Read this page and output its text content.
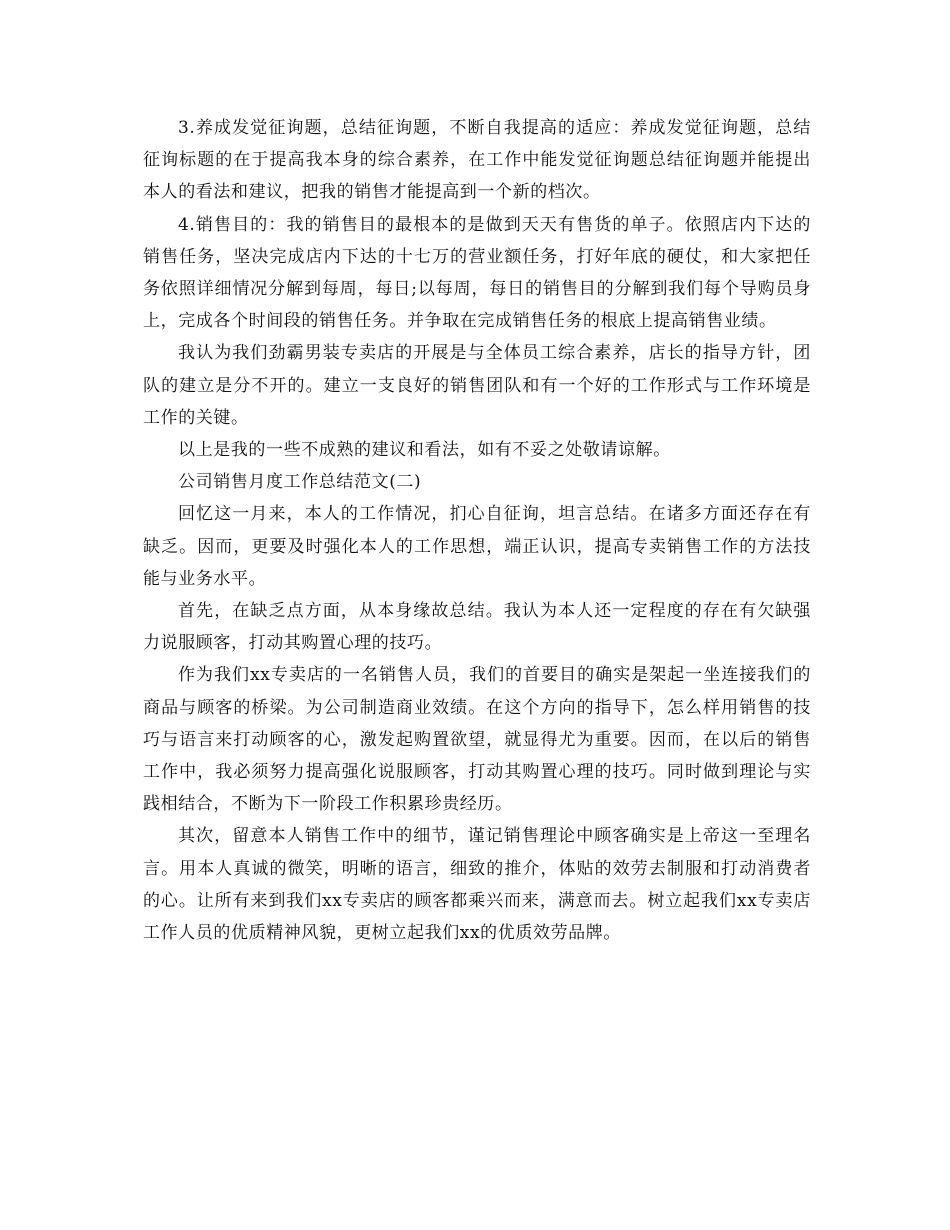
3.养成发觉征询题，总结征询题，不断自我提高的适应：养成发觉征询题，总结征询标题的在于提高我本身的综合素养，在工作中能发觉征询题总结征询题并能提出本人的看法和建议，把我的销售才能提高到一个新的档次。

4.销售目的：我的销售目的最根本的是做到天天有售货的单子。依照店内下达的销售任务，坚决完成店内下达的十七万的营业额任务，打好年底的硬仗，和大家把任务依照详细情况分解到每周，每日;以每周，每日的销售目的分解到我们每个导购员身上，完成各个时间段的销售任务。并争取在完成销售任务的根底上提高销售业绩。

我认为我们劲霸男装专卖店的开展是与全体员工综合素养，店长的指导方针，团队的建立是分不开的。建立一支良好的销售团队和有一个好的工作形式与工作环境是工作的关键。

以上是我的一些不成熟的建议和看法，如有不妥之处敬请谅解。

公司销售月度工作总结范文(二)

回忆这一月来，本人的工作情况，扪心自征询，坦言总结。在诸多方面还存在有缺乏。因而，更要及时强化本人的工作思想，端正认识，提高专卖销售工作的方法技能与业务水平。

首先，在缺乏点方面，从本身缘故总结。我认为本人还一定程度的存在有欠缺强力说服顾客，打动其购置心理的技巧。

作为我们xx专卖店的一名销售人员，我们的首要目的确实是架起一坐连接我们的商品与顾客的桥梁。为公司制造商业效绩。在这个方向的指导下，怎么样用销售的技巧与语言来打动顾客的心，激发起购置欲望，就显得尤为重要。因而，在以后的销售工作中，我必须努力提高强化说服顾客，打动其购置心理的技巧。同时做到理论与实践相结合，不断为下一阶段工作积累珍贵经历。

其次，留意本人销售工作中的细节，谨记销售理论中顾客确实是上帝这一至理名言。用本人真诚的微笑，明晰的语言，细致的推介，体贴的效劳去制服和打动消费者的心。让所有来到我们xx专卖店的顾客都乘兴而来，满意而去。树立起我们xx专卖店工作人员的优质精神风貌，更树立起我们xx的优质效劳品牌。
